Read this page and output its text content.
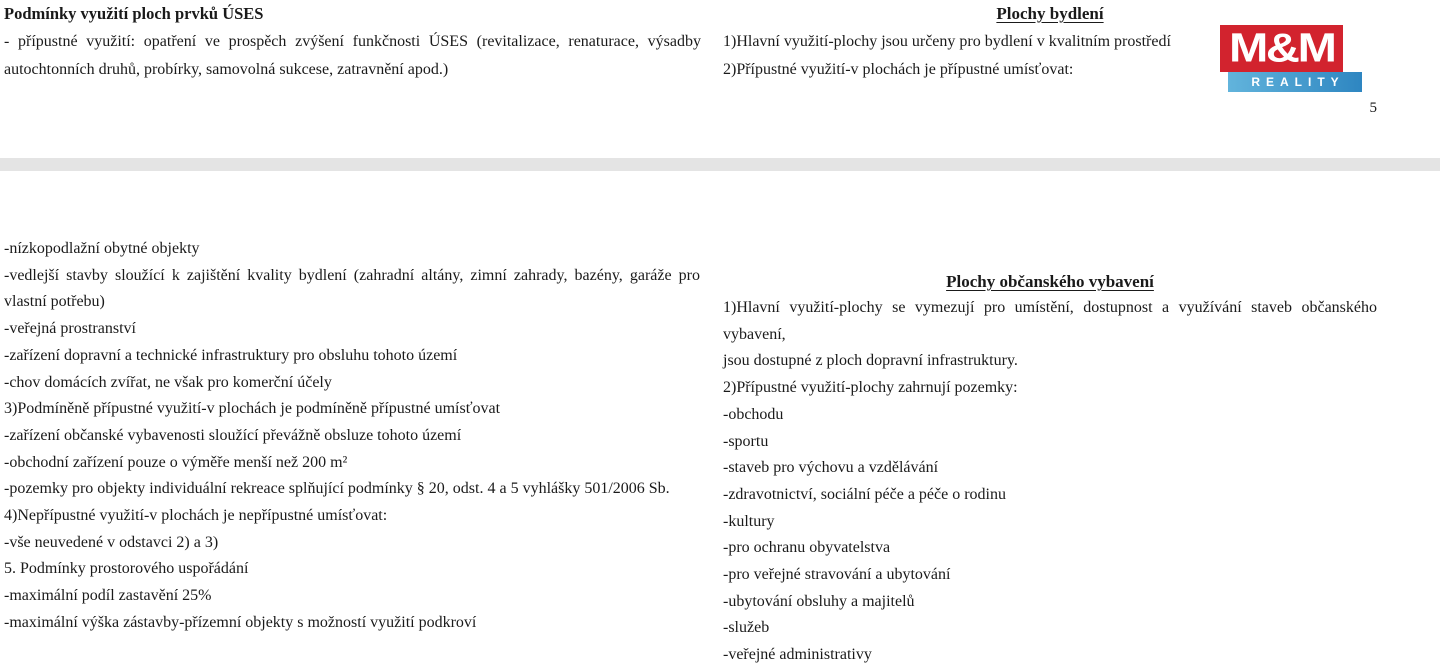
Podmínky využití ploch prvků ÚSES
- přípustné využití: opatření ve prospěch zvýšení funkčnosti ÚSES (revitalizace, renaturace, výsadby
autochtonních druhů, probírky, samovolná sukcese, zatravnění apod.)
Plochy bydlení
1)Hlavní využití-plochy jsou určeny pro bydlení v kvalitním prostředí
2)Přípustné využití-v plochách je přípustné umísťovat:	M&M
REALITY
5
-nízkopodlažní obytné objekty
-vedlejší stavby sloužící k zajištění kvality bydlení (zahradní altány, zimní zahrady, bazény, garáže pro
vlastní potřebu)
-veřejná prostranství
-zařízení dopravní a technické infrastruktury pro obsluhu tohoto území
-chov domácích zvířat, ne však pro komerční účely
3)Podmíněně přípustné využití-v plochách je podmíněně přípustné umísťovat
-zařízení občanské vybavenosti sloužící převážně obsluze tohoto území
-obchodní zařízení pouze o výměře menší než 200 m²
-pozemky pro objekty individuální rekreace splňující podmínky § 20, odst. 4 a 5 vyhlášky 501/2006 Sb.
4)Nepřípustné využití-v plochách je nepřípustné umísťovat:
-vše neuvedené v odstavci 2) a 3)
5. Podmínky prostorového uspořádání
-maximální podíl zastavění 25%
-maximální výška zástavby-přízemní objekty s možností využití podkroví
Plochy občanského vybavení
1)Hlavní využití-plochy se vymezují pro umístění, dostupnost a využívání staveb občanského vybavení,
jsou dostupné z ploch dopravní infrastruktury.
2)Přípustné využití-plochy zahrnují pozemky:
-obchodu
-sportu
-staveb pro výchovu a vzdělávání
-zdravotnictví, sociální péče a péče o rodinu
-kultury
-pro ochranu obyvatelstva
-pro veřejné stravování a ubytování
-ubytování obsluhy a majitelů
-služeb
-veřejné administrativy
